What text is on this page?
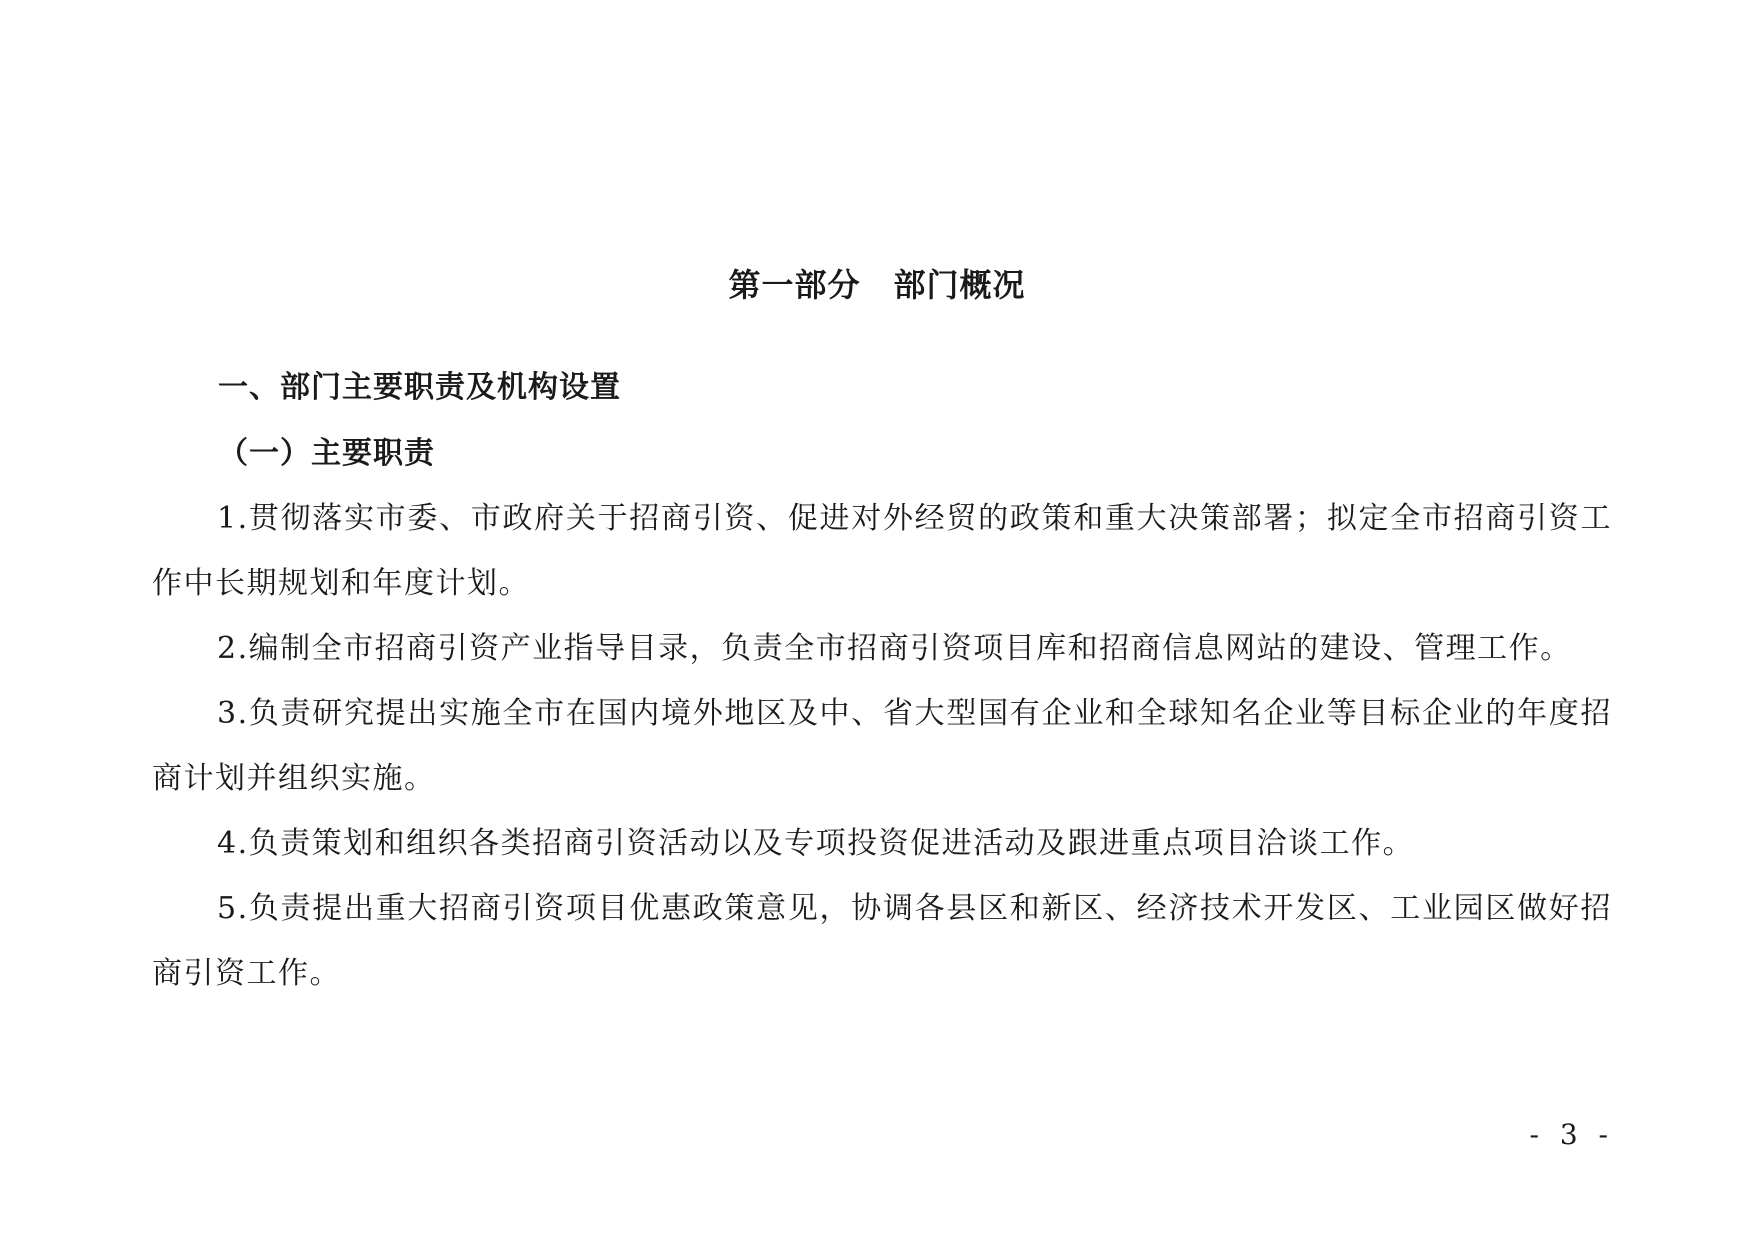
第一部分　部门概况
一、部门主要职责及机构设置
（一）主要职责

1.贯彻落实市委、市政府关于招商引资、促进对外经贸的政策和重大决策部署；拟定全市招商引资工作中长期规划和年度计划。

2.编制全市招商引资产业指导目录，负责全市招商引资项目库和招商信息网站的建设、管理工作。

3.负责研究提出实施全市在国内境外地区及中、省大型国有企业和全球知名企业等目标企业的年度招商计划并组织实施。

4.负责策划和组织各类招商引资活动以及专项投资促进活动及跟进重点项目洽谈工作。

5.负责提出重大招商引资项目优惠政策意见，协调各县区和新区、经济技术开发区、工业园区做好招商引资工作。

- 3 -
